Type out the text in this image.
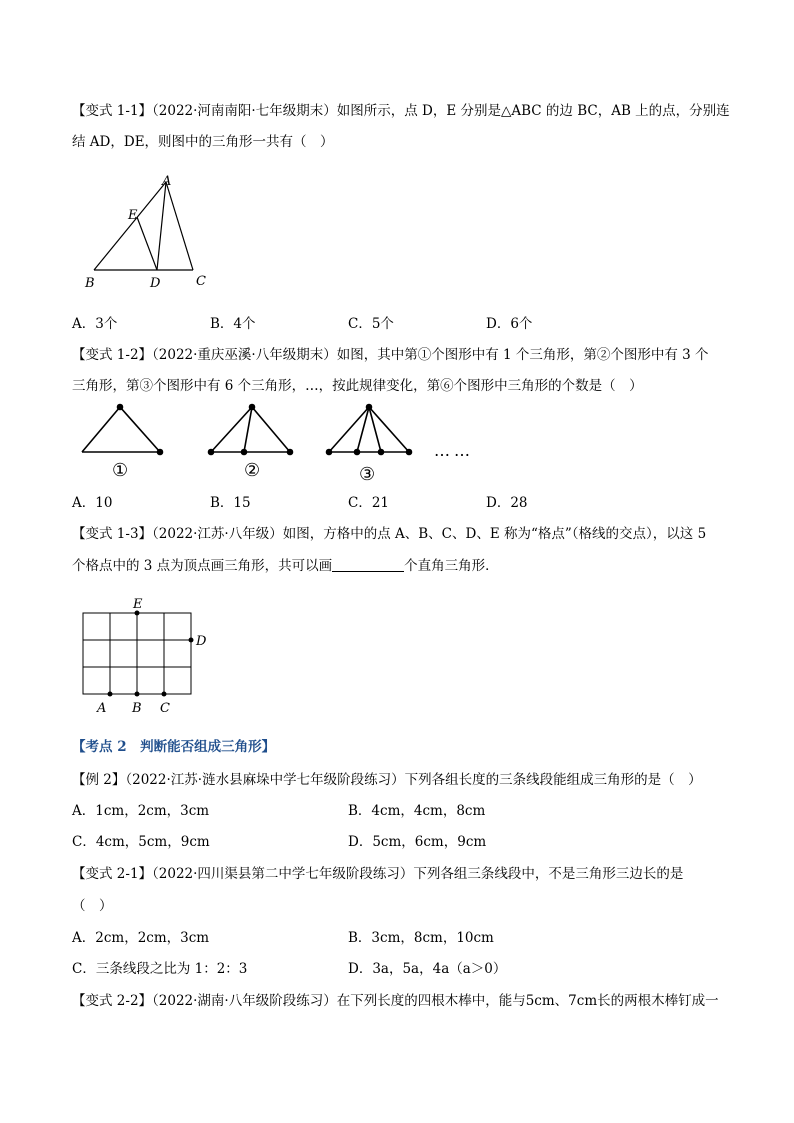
【变式 1-1】（2022·河南南阳·七年级期末）如图所示，点 D，E 分别是△ABC 的边 BC，AB 上的点，分别连
结 AD，DE，则图中的三角形一共有（　）
A
E
B	D	C
A．3个	B．4个	C．5个	D．6个
【变式 1-2】（2022·重庆巫溪·八年级期末）如图，其中第①个图形中有 1 个三角形，第②个图形中有 3 个
三角形，第③个图形中有 6 个三角形，…，按此规律变化，第⑥个图形中三角形的个数是（　）
①	②	③
……
A．10	B．15	C．21	D．28
【变式 1-3】（2022·江苏·八年级）如图，方格中的点 A、B、C、D、E 称为“格点”（格线的交点），以这 5
个格点中的 3 点为顶点画三角形，共可以画	个直角三角形．
E
D
A B C
【考点 2　判断能否组成三角形】
【例 2】（2022·江苏·涟水县麻垛中学七年级阶段练习）下列各组长度的三条线段能组成三角形的是（　）
A．1cm，2cm，3cm	B．4cm，4cm，8cm
C．4cm，5cm，9cm	D．5cm，6cm，9cm
【变式 2-1】（2022·四川渠县第二中学七年级阶段练习）下列各组三条线段中，不是三角形三边长的是
（　）
A．2cm，2cm，3cm	B．3cm，8cm，10cm
C．三条线段之比为 1：2：3	D．3a，5a，4a（a＞0）
【变式 2-2】（2022·湖南·八年级阶段练习）在下列长度的四根木棒中，能与5cm、7cm长的两根木棒钉成一
